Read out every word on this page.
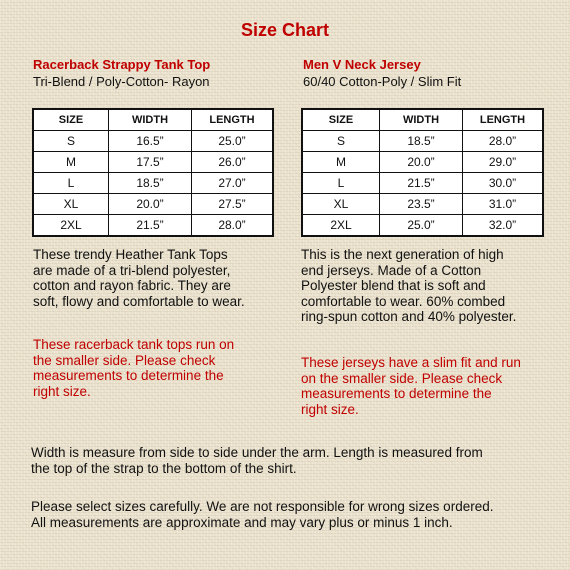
Size Chart
Racerback Strappy Tank Top
Tri-Blend / Poly-Cotton- Rayon
SIZE	WIDTH	LENGTH
S	16.5”	25.0”
M	17.5”	26.0”
L	18.5”	27.0”
XL	20.0”	27.5”
2XL	21.5”	28.0”
These trendy Heather Tank Tops
are made of a tri-blend polyester,
cotton and rayon fabric. They are
soft, flowy and comfortable to wear.
These racerback tank tops run on
the smaller side. Please check
measurements to determine the
right size.
Men V Neck Jersey
60/40 Cotton-Poly / Slim Fit
SIZE	WIDTH	LENGTH
S	18.5”	28.0”
M	20.0”	29.0”
L	21.5”	30.0”
XL	23.5”	31.0”
2XL	25.0”	32.0”
This is the next generation of high
end jerseys. Made of a Cotton
Polyester blend that is soft and
comfortable to wear. 60% combed
ring-spun cotton and 40% polyester.
These jerseys have a slim fit and run
on the smaller side. Please check
measurements to determine the
right size.
Width is measure from side to side under the arm. Length is measured from
the top of the strap to the bottom of the shirt.
Please select sizes carefully. We are not responsible for wrong sizes ordered.
All measurements are approximate and may vary plus or minus 1 inch.
